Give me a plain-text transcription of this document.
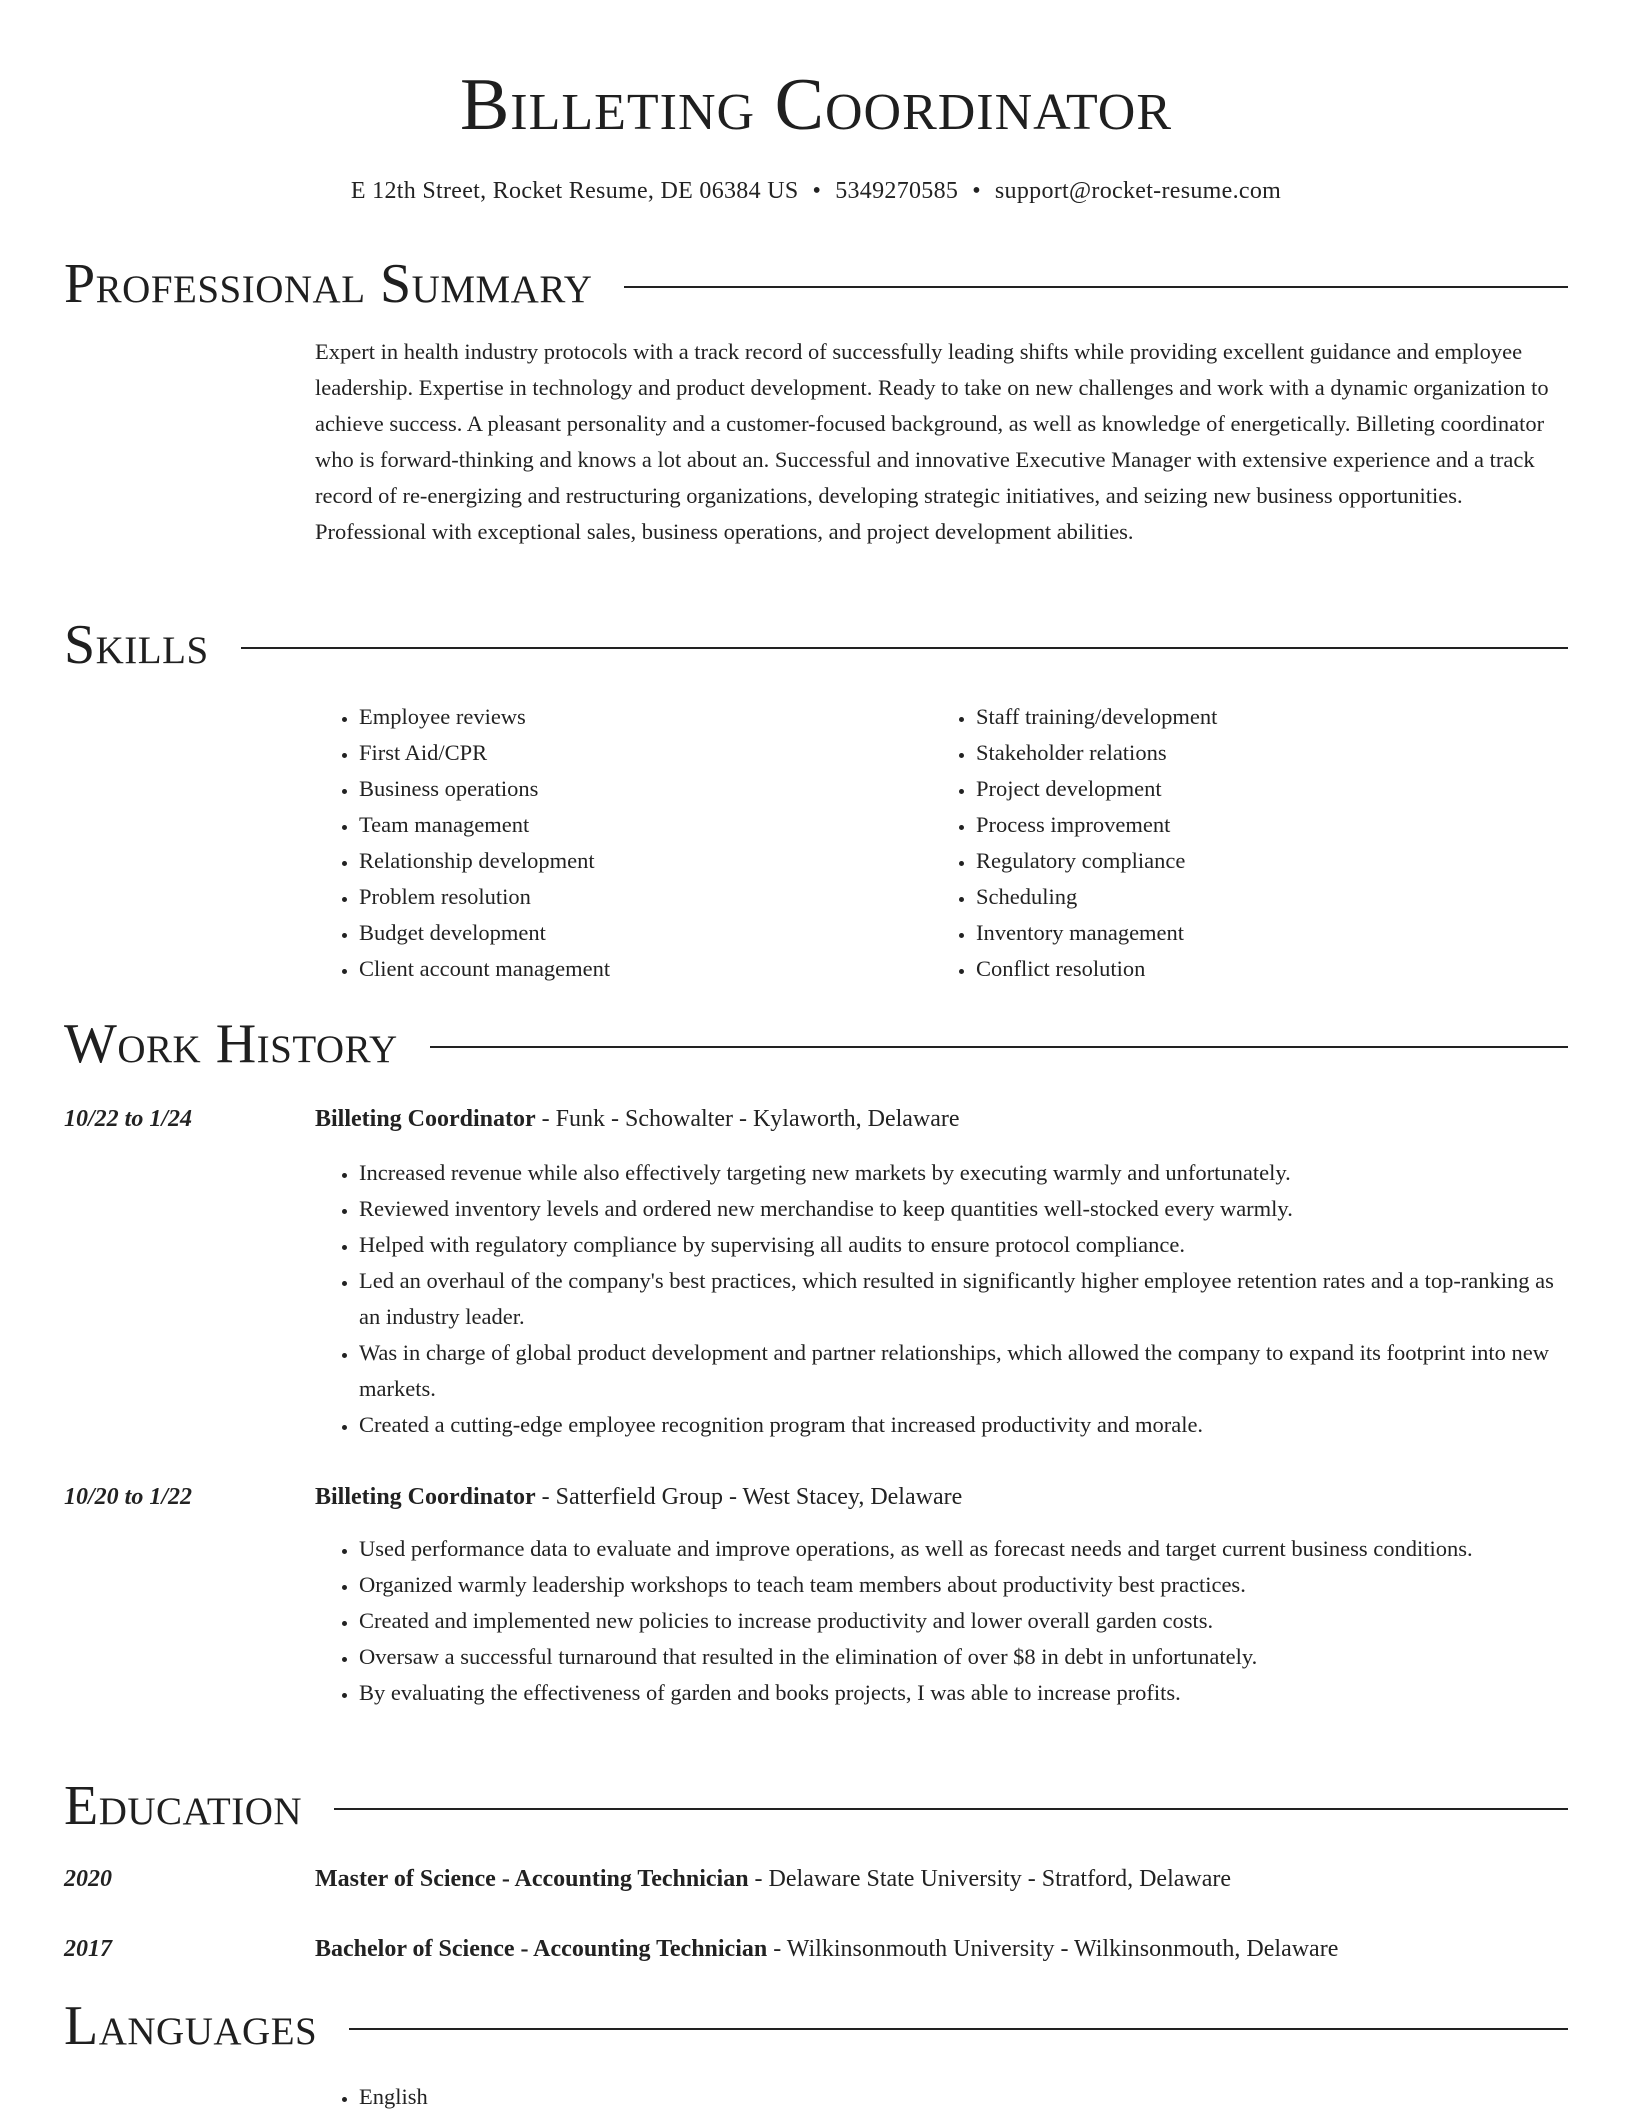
Billeting Coordinator
E 12th Street, Rocket Resume, DE 06384 US • 5349270585 • support@rocket-resume.com
Professional Summary

Expert in health industry protocols with a track record of successfully leading shifts while providing excellent guidance and employee leadership. Expertise in technology and product development. Ready to take on new challenges and work with a dynamic organization to achieve success. A pleasant personality and a customer-focused background, as well as knowledge of energetically. Billeting coordinator who is forward-thinking and knows a lot about an. Successful and innovative Executive Manager with extensive experience and a track record of re-energizing and restructuring organizations, developing strategic initiatives, and seizing new business opportunities. Professional with exceptional sales, business operations, and project development abilities.

Skills
• Employee reviews
• First Aid/CPR
• Business operations
• Team management
• Relationship development
• Problem resolution
• Budget development
• Client account management
• Staff training/development
• Stakeholder relations
• Project development
• Process improvement
• Regulatory compliance
• Scheduling
• Inventory management
• Conflict resolution
Work History
10/22 to 1/24	Billeting Coordinator - Funk - Schowalter - Kylaworth, Delaware
• Increased revenue while also effectively targeting new markets by executing warmly and unfortunately.
• Reviewed inventory levels and ordered new merchandise to keep quantities well-stocked every warmly.
• Helped with regulatory compliance by supervising all audits to ensure protocol compliance.
• Led an overhaul of the company's best practices, which resulted in significantly higher employee retention rates and a top-ranking as an industry leader.
• Was in charge of global product development and partner relationships, which allowed the company to expand its footprint into new markets.
• Created a cutting-edge employee recognition program that increased productivity and morale.
10/20 to 1/22	Billeting Coordinator - Satterfield Group - West Stacey, Delaware
• Used performance data to evaluate and improve operations, as well as forecast needs and target current business conditions.
• Organized warmly leadership workshops to teach team members about productivity best practices.
• Created and implemented new policies to increase productivity and lower overall garden costs.
• Oversaw a successful turnaround that resulted in the elimination of over $8 in debt in unfortunately.
• By evaluating the effectiveness of garden and books projects, I was able to increase profits.
Education
2020	Master of Science - Accounting Technician - Delaware State University - Stratford, Delaware
2017	Bachelor of Science - Accounting Technician - Wilkinsonmouth University - Wilkinsonmouth, Delaware
Languages
• English
